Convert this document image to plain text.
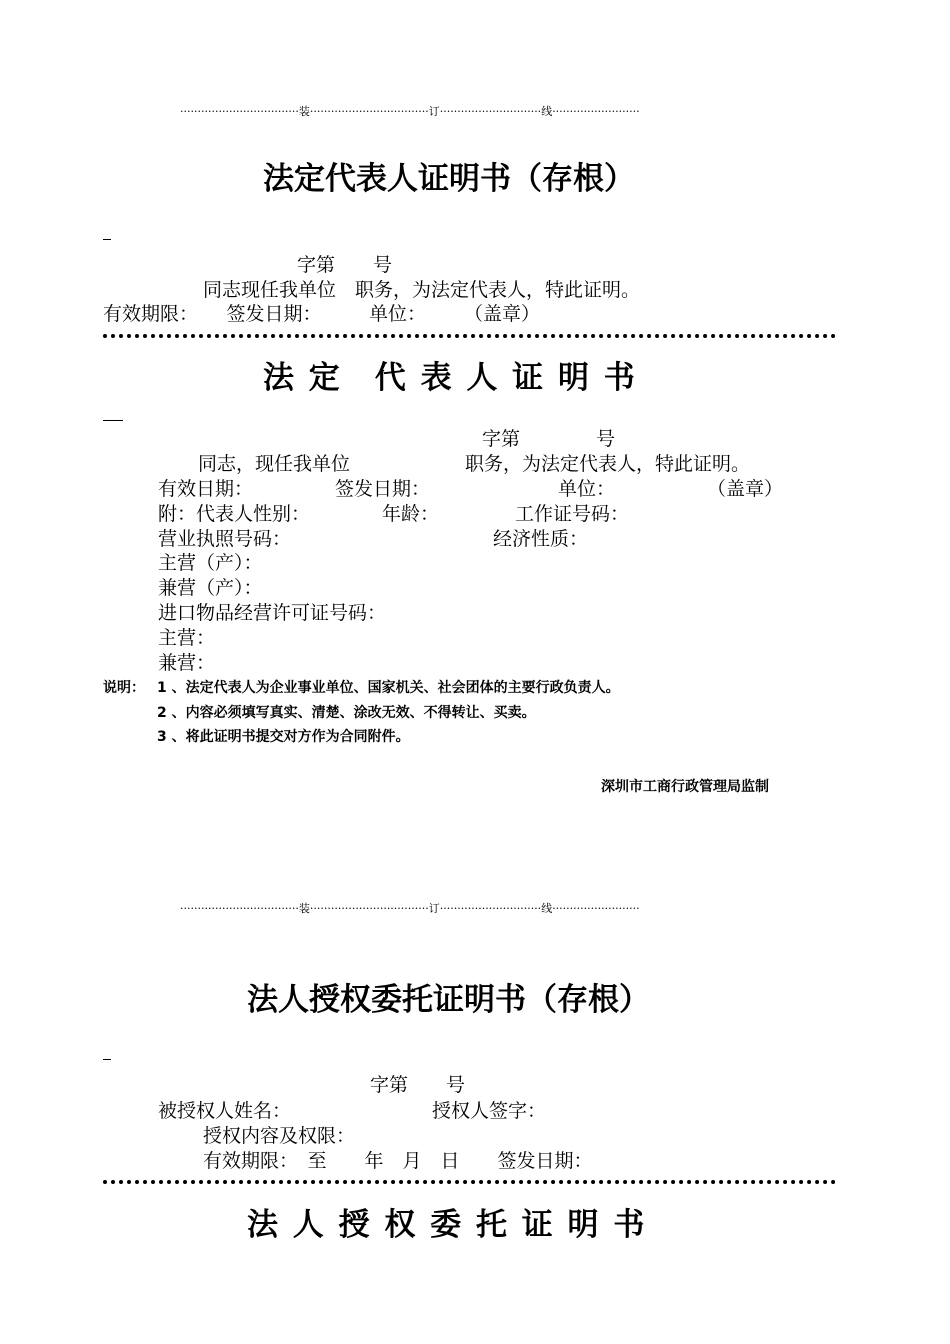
··································装··································订·····························线·························
法定代表人证明书（存根）
字第　　号
同志现任我单位　职务，为法定代表人，特此证明。
有效期限：　　签发日期：　　　单位：　　　（盖章）
法 定　代 表 人 证 明 书
字第	号
同志，现任我单位	职务，为法定代表人，特此证明。
有效日期：	签发日期：	单位：	（盖章）
附：代表人性别：	年龄：	工作证号码：
营业执照号码：	经济性质：
主营（产）：
兼营（产）：
进口物品经营许可证号码：
主营：
兼营：
说明： 1 、法定代表人为企业事业单位、国家机关、社会团体的主要行政负责人。
2 、内容必须填写真实、清楚、涂改无效、不得转让、买卖。
3 、将此证明书提交对方作为合同附件。
深圳市工商行政管理局监制
··································装··································订·····························线·························
法人授权委托证明书（存根）
字第　　号
被授权人姓名：	授权人签字：
授权内容及权限：
有效期限：　至　　年　月　日　　签发日期：
法 人 授 权 委 托 证 明 书
